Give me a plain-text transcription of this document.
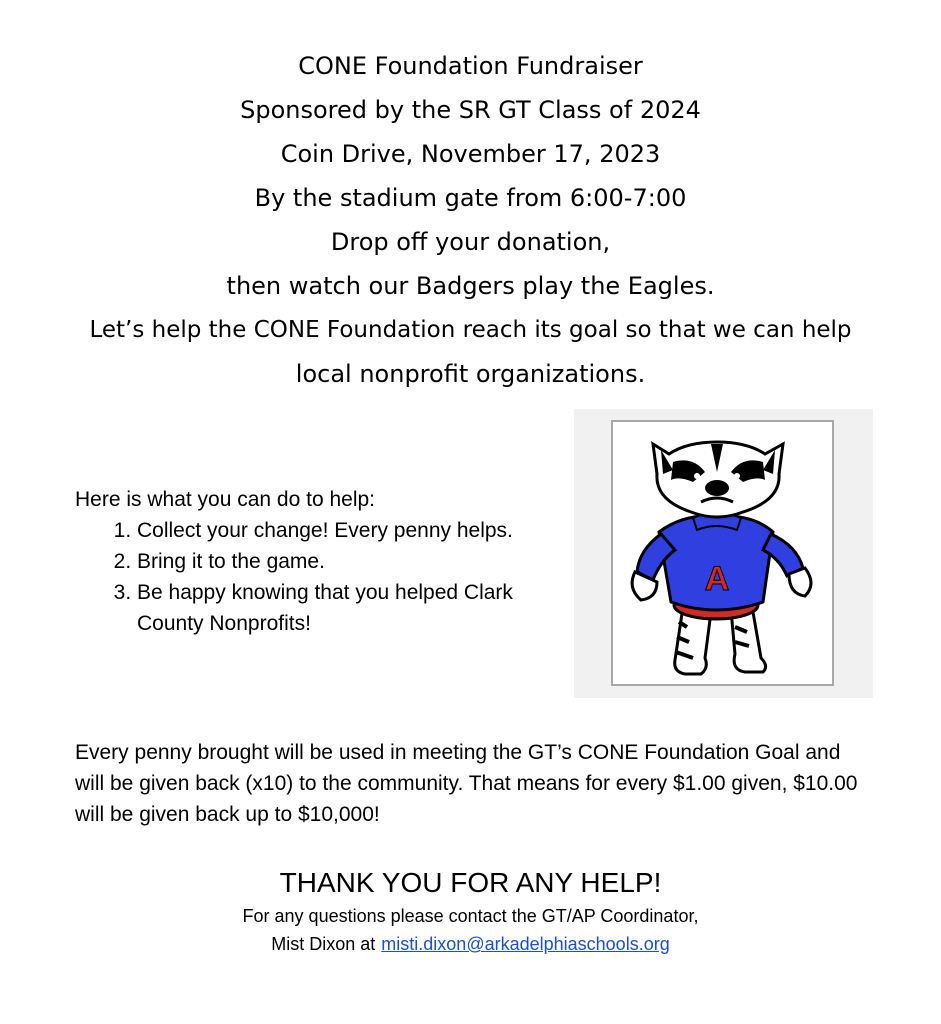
CONE Foundation Fundraiser
Sponsored by the SR GT Class of 2024
Coin Drive, November 17, 2023
By the stadium gate from 6:00-7:00
Drop off your donation,
then watch our Badgers play the Eagles.
Let’s help the CONE Foundation reach its goal so that we can help
local nonprofit organizations.
Here is what you can do to help:
1. Collect your change! Every penny helps.
2. Bring it to the game.
3. Be happy knowing that you helped Clark County Nonprofits!
A
Every penny brought will be used in meeting the GT’s CONE Foundation Goal and will be given back (x10) to the community. That means for every $1.00 given, $10.00 will be given back up to $10,000!
THANK YOU FOR ANY HELP!
For any questions please contact the GT/AP Coordinator,
Mist Dixon at misti.dixon@arkadelphiaschools.org
